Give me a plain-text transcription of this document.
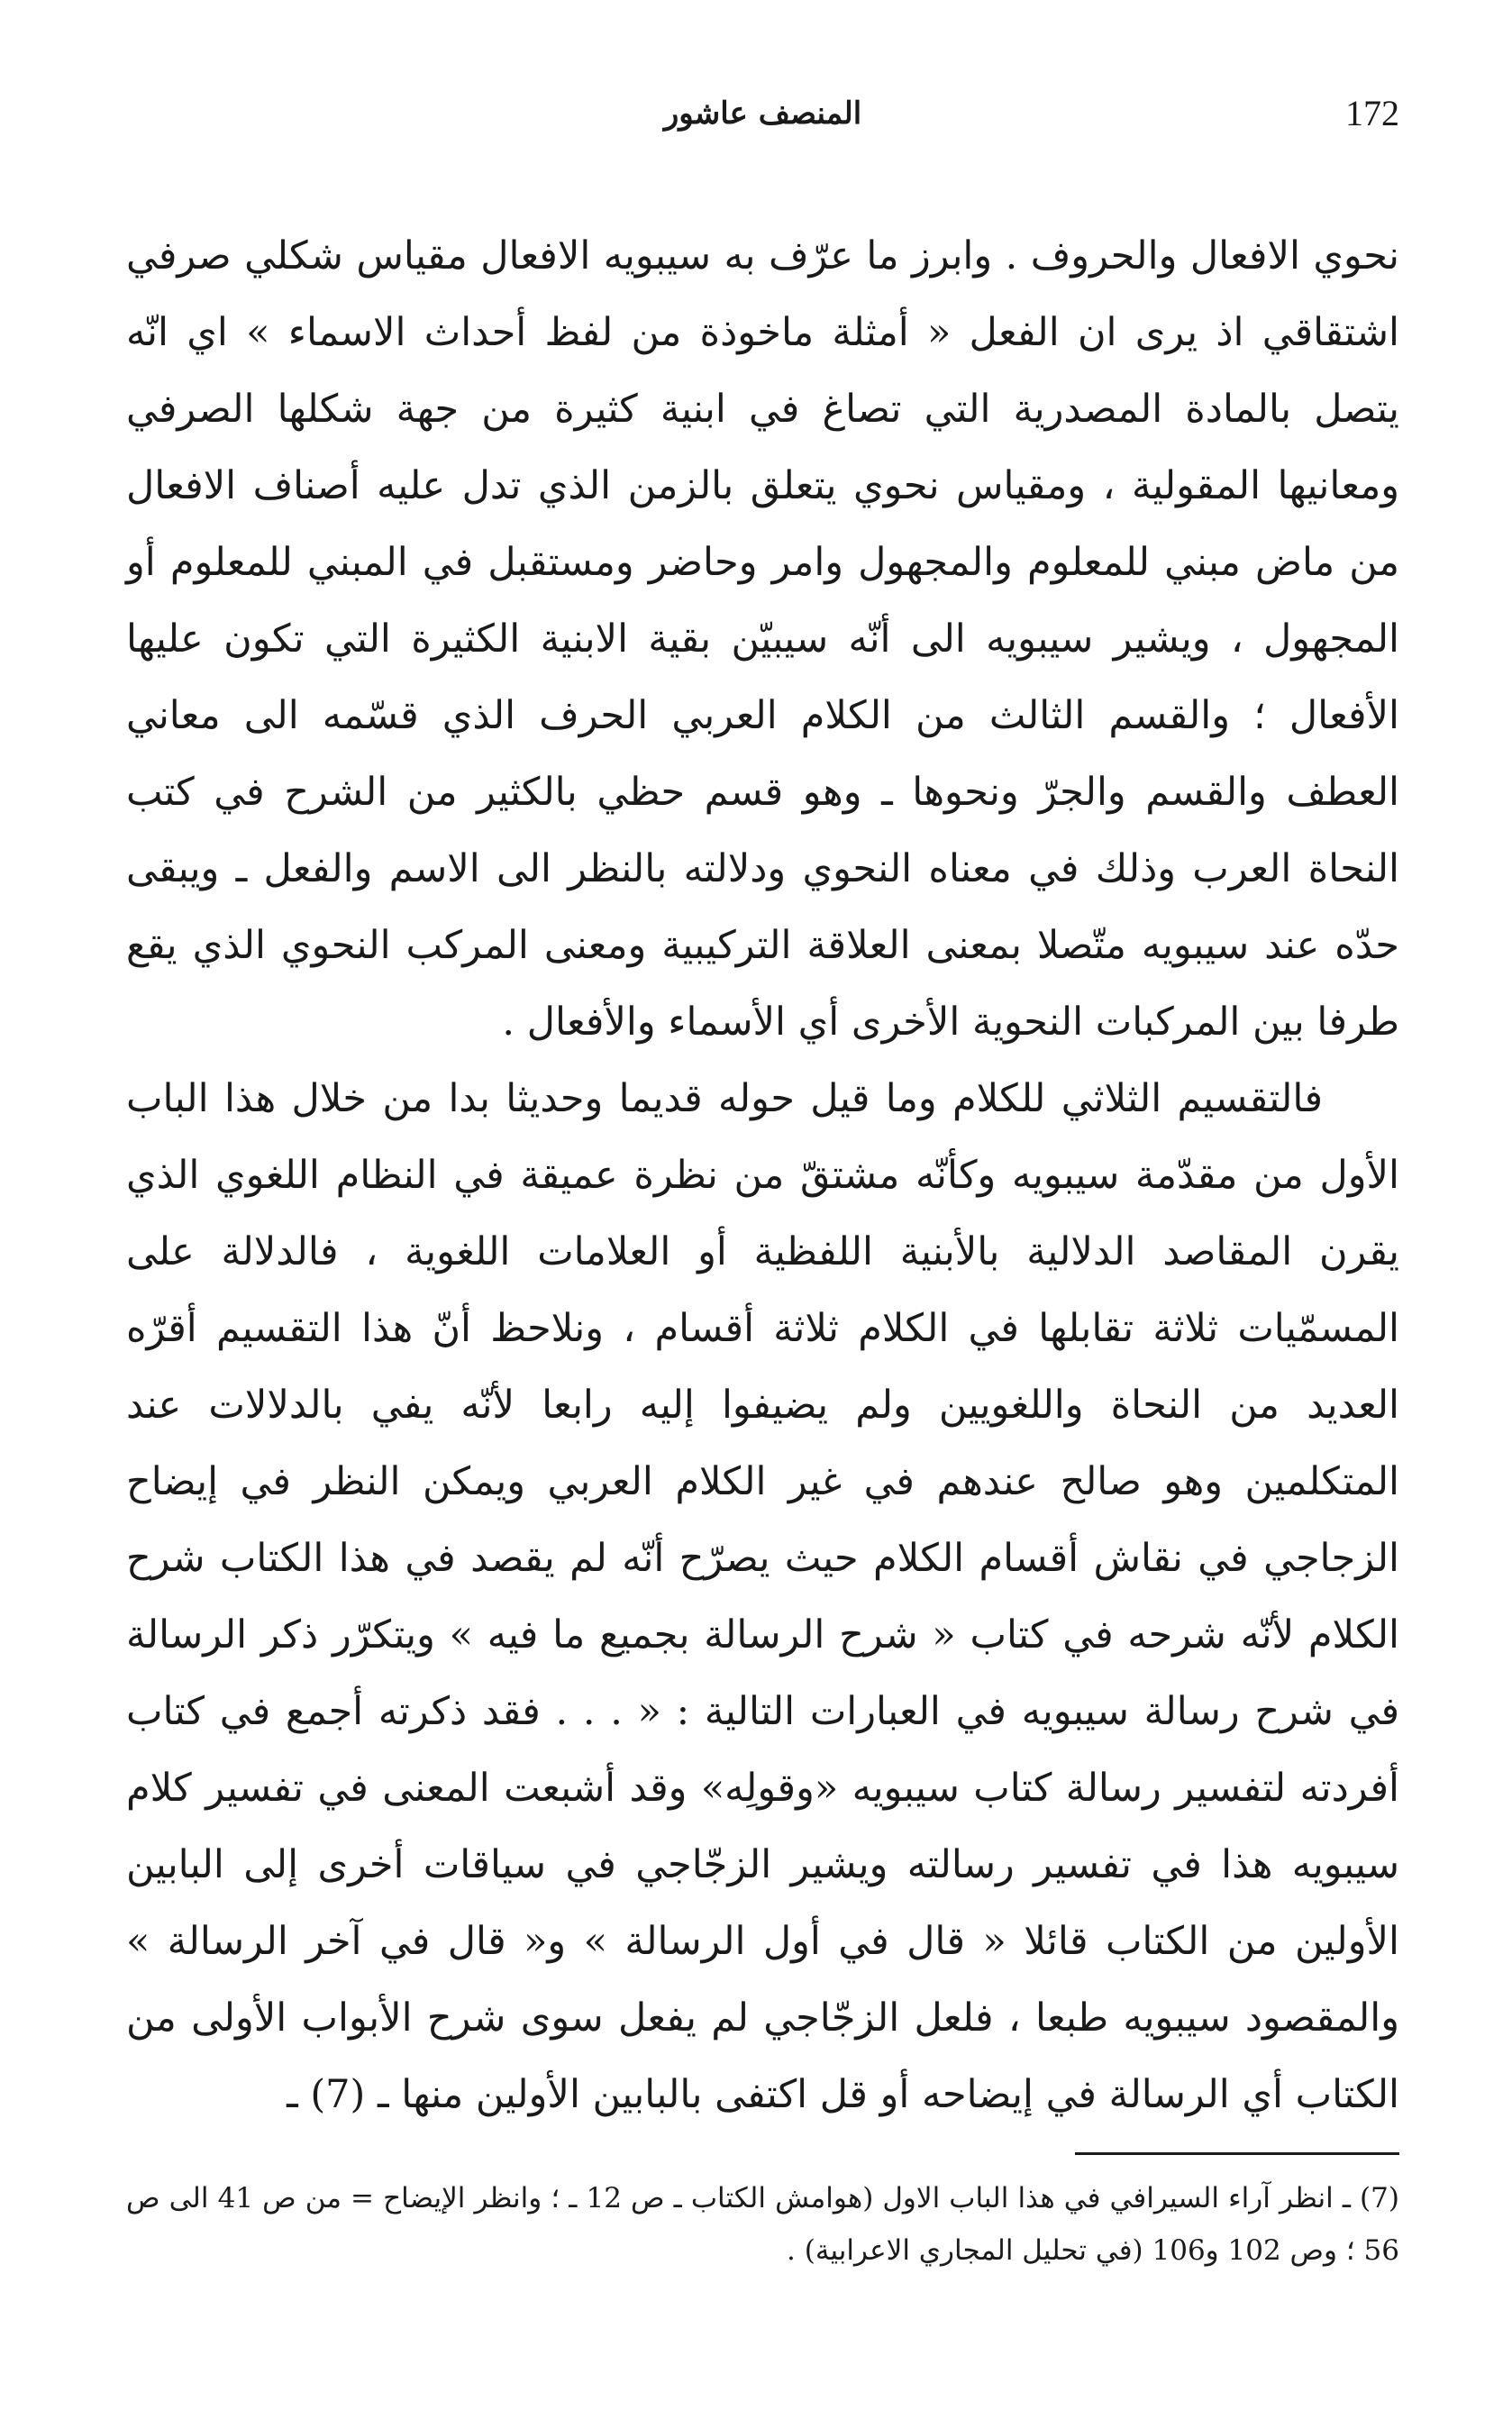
172
المنصف عاشور

نحوي الافعال والحروف . وابرز ما عرّف به سيبويه الافعال مقياس شكلي صرفي اشتقاقي اذ يرى ان الفعل « أمثلة ماخوذة من لفظ أحداث الاسماء » اي انّه يتصل بالمادة المصدرية التي تصاغ في ابنية كثيرة من جهة شكلها الصرفي ومعانيها المقولية ، ومقياس نحوي يتعلق بالزمن الذي تدل عليه أصناف الافعال من ماض مبني للمعلوم والمجهول وامر وحاضر ومستقبل في المبني للمعلوم أو المجهول ، ويشير سيبويه الى أنّه سيبيّن بقية الابنية الكثيرة التي تكون عليها الأفعال ؛ والقسم الثالث من الكلام العربي الحرف الذي قسّمه الى معاني العطف والقسم والجرّ ونحوها ـ وهو قسم حظي بالكثير من الشرح في كتب النحاة العرب وذلك في معناه النحوي ودلالته بالنظر الى الاسم والفعل ـ ويبقى حدّه عند سيبويه متّصلا بمعنى العلاقة التركيبية ومعنى المركب النحوي الذي يقع طرفا بين المركبات النحوية الأخرى أي الأسماء والأفعال .

فالتقسيم الثلاثي للكلام وما قيل حوله قديما وحديثا بدا من خلال هذا الباب الأول من مقدّمة سيبويه وكأنّه مشتقّ من نظرة عميقة في النظام اللغوي الذي يقرن المقاصد الدلالية بالأبنية اللفظية أو العلامات اللغوية ، فالدلالة على المسمّيات ثلاثة تقابلها في الكلام ثلاثة أقسام ، ونلاحظ أنّ هذا التقسيم أقرّه العديد من النحاة واللغويين ولم يضيفوا إليه رابعا لأنّه يفي بالدلالات عند المتكلمين وهو صالح عندهم في غير الكلام العربي ويمكن النظر في إيضاح الزجاجي في نقاش أقسام الكلام حيث يصرّح أنّه لم يقصد في هذا الكتاب شرح الكلام لأنّه شرحه في كتاب « شرح الرسالة بجميع ما فيه » ويتكرّر ذكر الرسالة في شرح رسالة سيبويه في العبارات التالية : « . . . فقد ذكرته أجمع في كتاب أفردته لتفسير رسالة كتاب سيبويه «وقولِه» وقد أشبعت المعنى في تفسير كلام سيبويه هذا في تفسير رسالته ويشير الزجّاجي في سياقات أخرى إلى البابين الأولين من الكتاب قائلا « قال في أول الرسالة » و« قال في آخر الرسالة » والمقصود سيبويه طبعا ، فلعل الزجّاجي لم يفعل سوى شرح الأبواب الأولى من الكتاب أي الرسالة في إيضاحه أو قل اكتفى بالبابين الأولين منها ـ (7) ـ

(7) ـ انظر آراء السيرافي في هذا الباب الاول (هوامش الكتاب ـ ص 12 ـ ؛ وانظر الإيضاح = من ص 41 الى ص 56 ؛ وص 102 و106 (في تحليل المجاري الاعرابية) .
